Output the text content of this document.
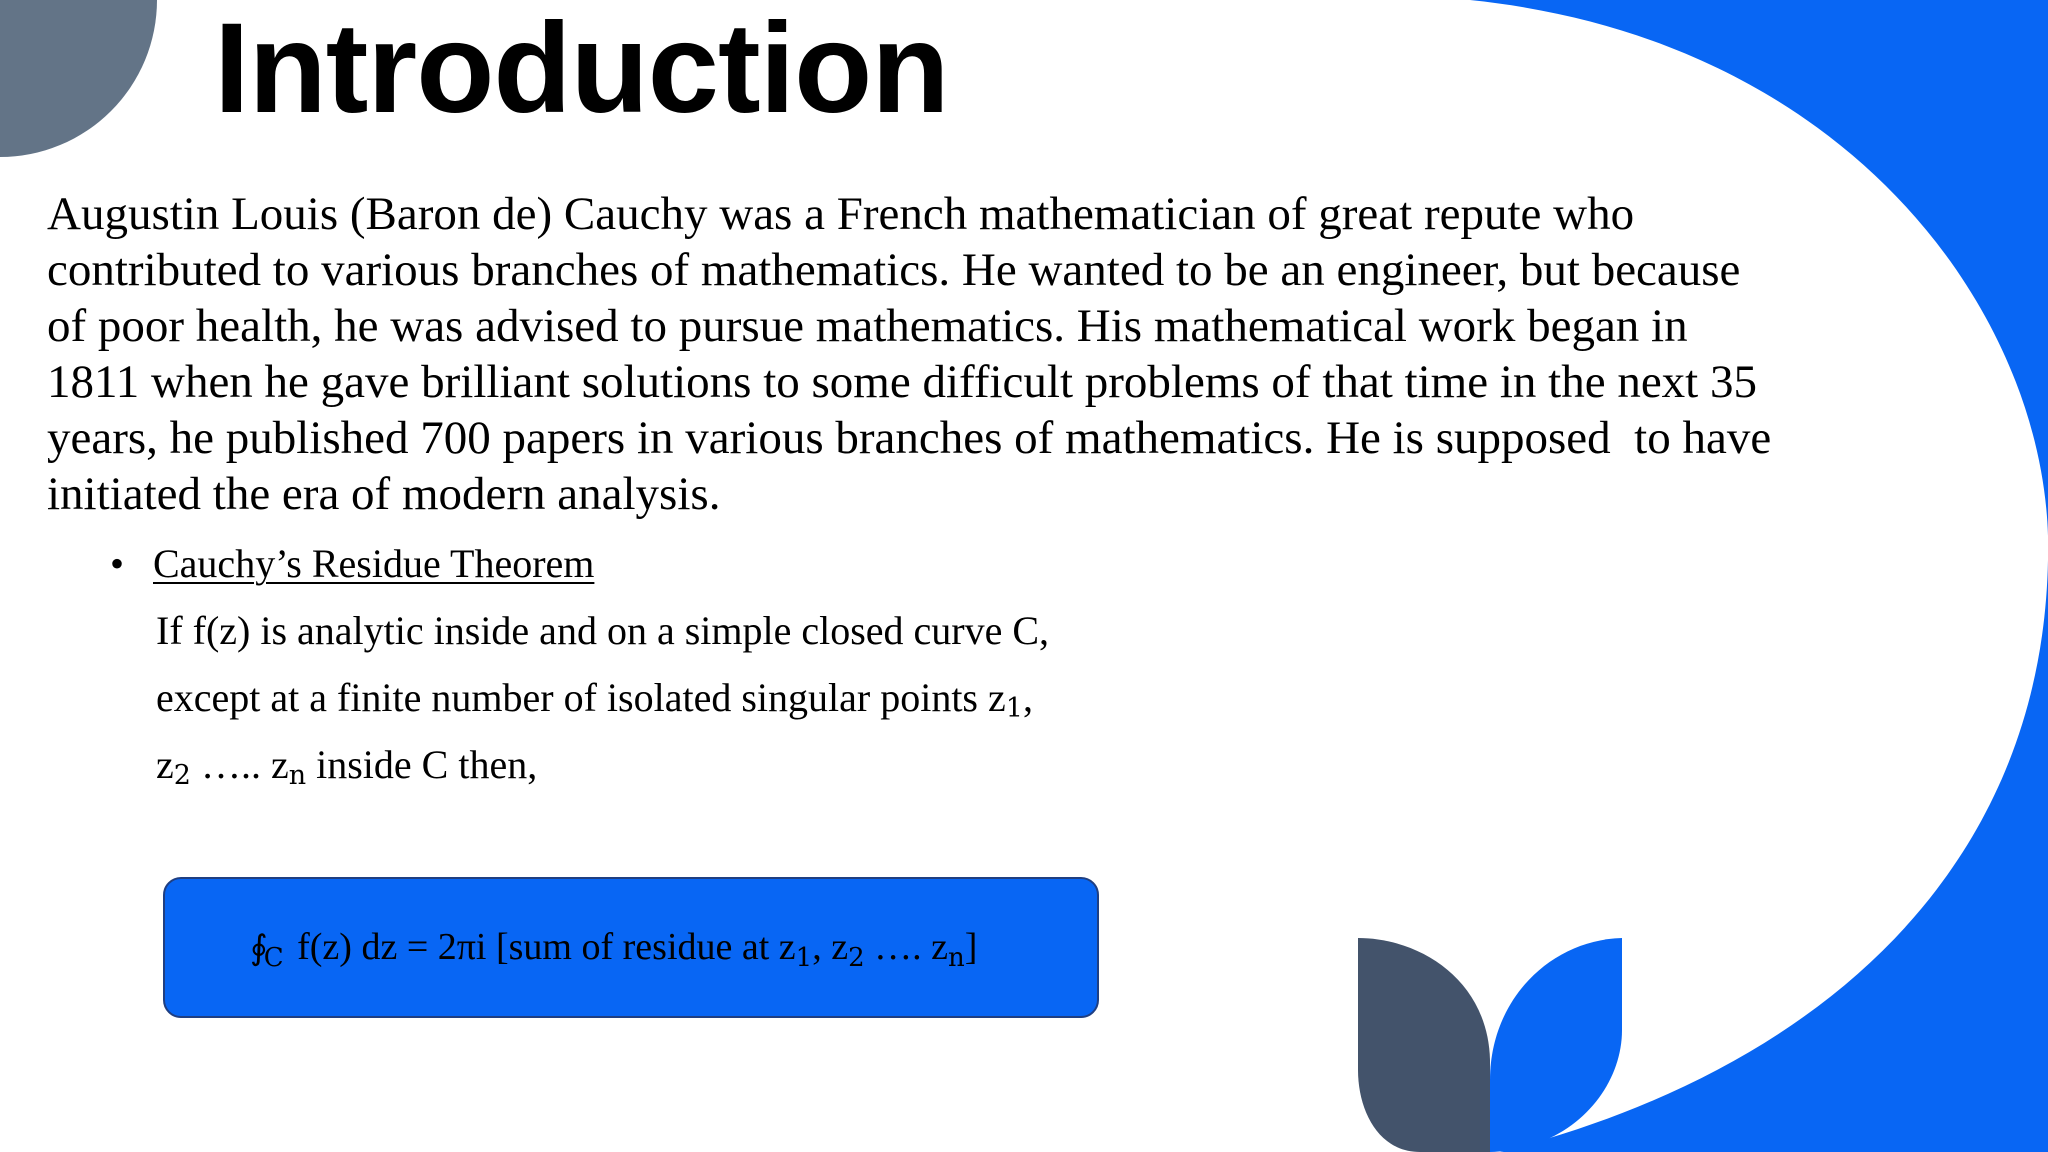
Introduction

Augustin Louis (Baron de) Cauchy was a French mathematician of great repute who
contributed to various branches of mathematics. He wanted to be an engineer, but because
of poor health, he was advised to pursue mathematics. His mathematical work began in
1811 when he gave brilliant solutions to some difficult problems of that time in the next 35
years, he published 700 papers in various branches of mathematics. He is supposed  to have
initiated the era of modern analysis.

• Cauchy’s Residue Theorem
If f(z) is analytic inside and on a simple closed curve C,
except at a finite number of isolated singular points $z_1$,
$z_2$ ….. $z_n$ inside C then,
$∮_C$ f(z) dz = 2πi [sum of residue at $z_1$, $z_2$ …. $z_n$]
